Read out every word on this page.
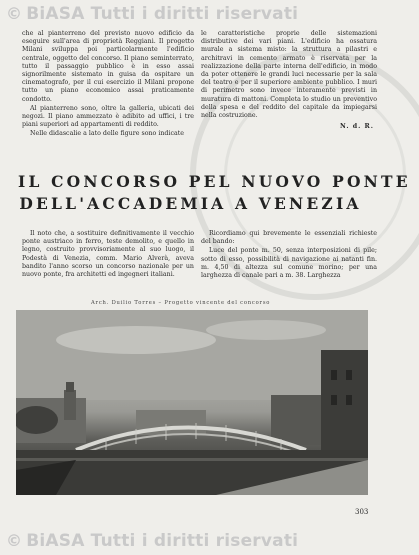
© BiASA Tutti i diritti riservati

che al pianterreno del previsto nuovo edificio da eseguire sull'area di proprietà Reggiani. Il progetto Milani sviluppa poi particolarmente l'edificio centrale, oggetto del concorso. Il piano seminterrato, tutto il passaggio pubblico è in esso assai signorilmente sistemato in guisa da ospitare un cinematografo, per il cui esercizio il Milani propone tutto un piano economico assai praticamente condotto.

Al pianterreno sono, oltre la galleria, ubicati dei negozi. Il piano ammezzato è adibito ad uffici, i tre piani superiori ad appartamenti di reddito.

Nelle didascalie a lato delle figure sono indicate

le caratteristiche proprie delle sistemazioni distributive dei vari piani. L'edificio ha ossatura murale a sistema misto: la struttura a pilastri e architravi in cemento armato è riservata per la realizzazione della parte interna dell'edificio, in modo da poter ottenere le grandi luci necessarie per la sala del teatro e per il superiore ambiente pubblico. I muri di perimetro sono invece interamente previsti in muratura di mattoni. Completa lo studio un preventivo della spesa e del reddito del capitale da impiegarsi nella costruzione.

N. d. R.
IL CONCORSO PEL NUOVO PONTE
DELL'ACCADEMIA A VENEZIA

Il noto che, a sostituire definitivamente il vecchio ponte austriaco in ferro, teste demolito, e quello in legno, costruito provvisoriamente al suo luogo, il Podestà di Venezia, comm. Mario Alverà, aveva bandito l'anno scorso un concorso nazionale per un nuovo ponte, fra architetti ed ingegneri italiani.

Ricordiamo qui brevemente le essenziali richieste del bando:

Luce del ponte m. 50, senza interposizioni di pile; sotto di esso, possibilità di navigazione ai natanti fin. m. 4,50 di altezza sul comune morino; per una larghezza di canale pari a m. 38. Larghezza

Arch. Duilio Torres – Progetto vincente del concorso
303
© BiASA Tutti i diritti riservati
